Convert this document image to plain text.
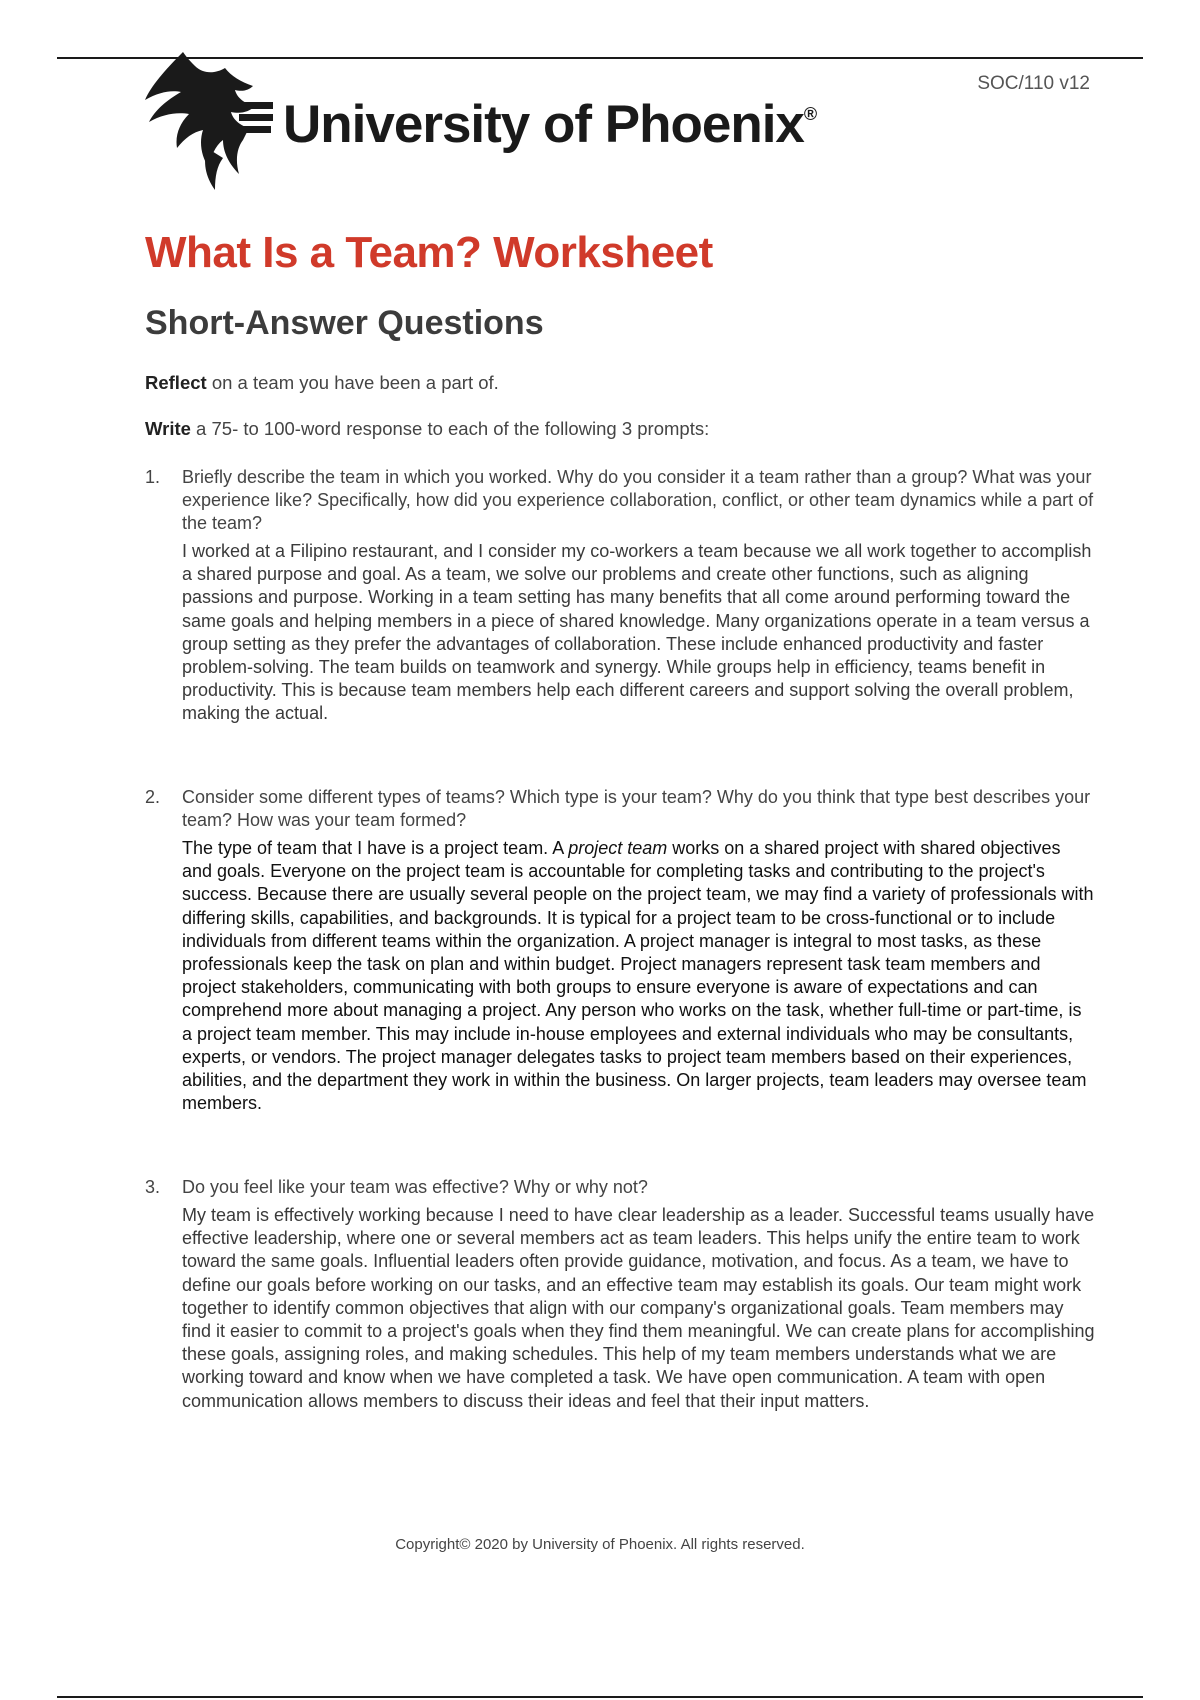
SOC/110 v12
University of Phoenix®
What Is a Team? Worksheet
Short-Answer Questions

Reflect on a team you have been a part of.

Write a 75- to 100-word response to each of the following 3 prompts:

1. Briefly describe the team in which you worked. Why do you consider it a team rather than a group? What was your experience like? Specifically, how did you experience collaboration, conflict, or other team dynamics while a part of the team?
I worked at a Filipino restaurant, and I consider my co-workers a team because we all work together to accomplish a shared purpose and goal. As a team, we solve our problems and create other functions, such as aligning passions and purpose. Working in a team setting has many benefits that all come around performing toward the same goals and helping members in a piece of shared knowledge. Many organizations operate in a team versus a group setting as they prefer the advantages of collaboration. These include enhanced productivity and faster problem-solving. The team builds on teamwork and synergy. While groups help in efficiency, teams benefit in productivity. This is because team members help each different careers and support solving the overall problem, making the actual.
2. Consider some different types of teams? Which type is your team? Why do you think that type best describes your team? How was your team formed?
The type of team that I have is a project team. A project team works on a shared project with shared objectives and goals. Everyone on the project team is accountable for completing tasks and contributing to the project's success. Because there are usually several people on the project team, we may find a variety of professionals with differing skills, capabilities, and backgrounds. It is typical for a project team to be cross-functional or to include individuals from different teams within the organization. A project manager is integral to most tasks, as these professionals keep the task on plan and within budget. Project managers represent task team members and project stakeholders, communicating with both groups to ensure everyone is aware of expectations and can comprehend more about managing a project. Any person who works on the task, whether full-time or part-time, is a project team member. This may include in-house employees and external individuals who may be consultants, experts, or vendors. The project manager delegates tasks to project team members based on their experiences, abilities, and the department they work in within the business. On larger projects, team leaders may oversee team members.
3. Do you feel like your team was effective? Why or why not?
My team is effectively working because I need to have clear leadership as a leader. Successful teams usually have effective leadership, where one or several members act as team leaders. This helps unify the entire team to work toward the same goals. Influential leaders often provide guidance, motivation, and focus. As a team, we have to define our goals before working on our tasks, and an effective team may establish its goals. Our team might work together to identify common objectives that align with our company's organizational goals. Team members may find it easier to commit to a project's goals when they find them meaningful. We can create plans for accomplishing these goals, assigning roles, and making schedules. This help of my team members understands what we are working toward and know when we have completed a task. We have open communication. A team with open communication allows members to discuss their ideas and feel that their input matters.
Copyright© 2020 by University of Phoenix. All rights reserved.
